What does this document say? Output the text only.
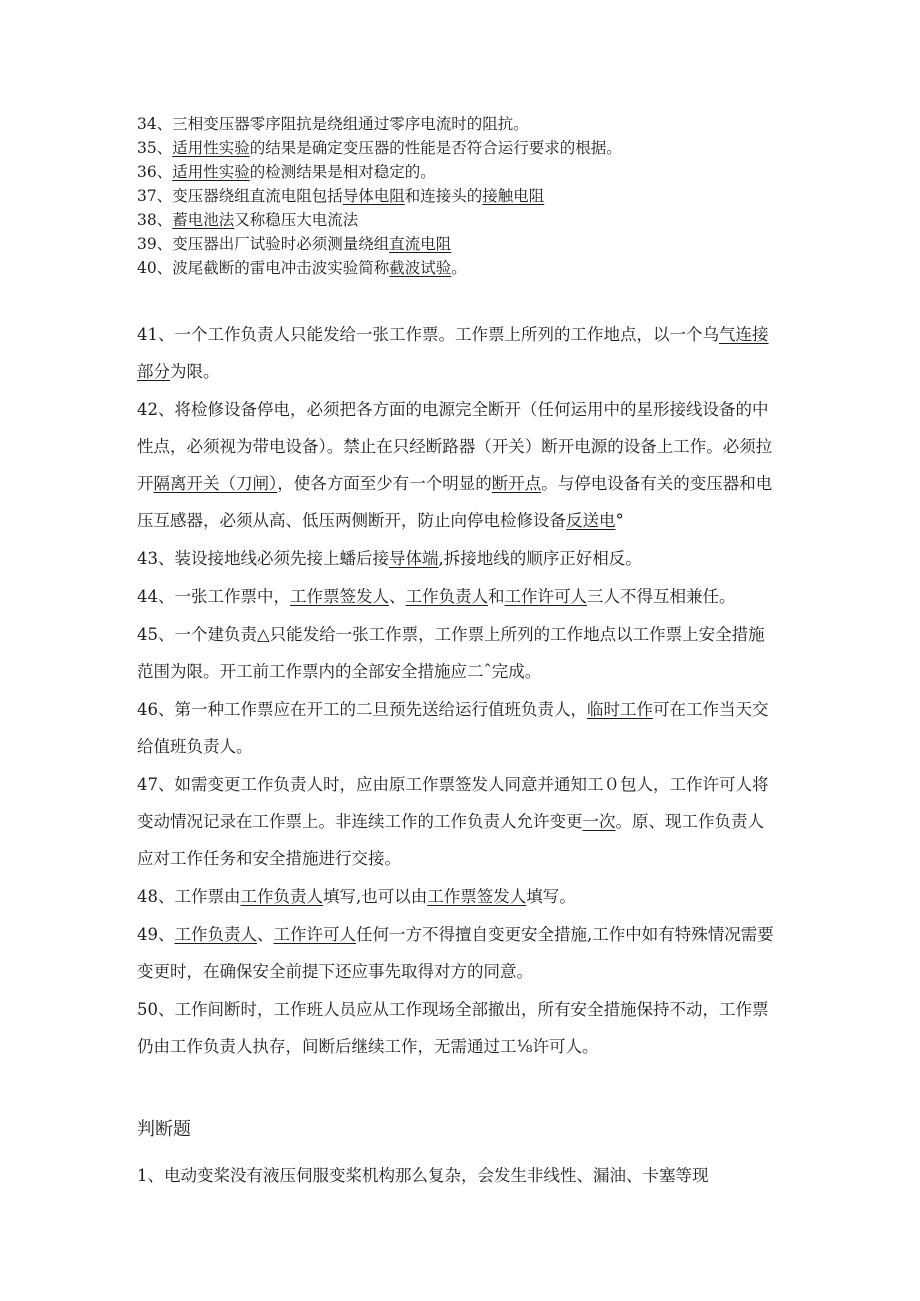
34、三相变压器零序阻抗是绕组通过零序电流时的阻抗。
35、适用性实验的结果是确定变压器的性能是否符合运行要求的根据。
36、适用性实验的检测结果是相对稳定的。
37、变压器绕组直流电阻包括导体电阻和连接头的接触电阻
38、蓄电池法又称稳压大电流法
39、变压器出厂试验时必须测量绕组直流电阻
40、波尾截断的雷电冲击波实验简称截波试验。
41、一个工作负责人只能发给一张工作票。工作票上所列的工作地点，以一个乌气连接部分为限。
42、将检修设备停电，必须把各方面的电源完全断开（任何运用中的星形接线设备的中性点，必须视为带电设备）。禁止在只经断路器（开关）断开电源的设备上工作。必须拉开隔离开关（刀闸），使各方面至少有一个明显的断开点。与停电设备有关的变压器和电压互感器，必须从高、低压两侧断开，防止向停电检修设备反送电°
43、装设接地线必须先接上蟠后接导体端,拆接地线的顺序正好相反。
44、一张工作票中，工作票签发人、工作负责人和工作许可人三人不得互相兼任。
45、一个建负责△只能发给一张工作票，工作票上所列的工作地点以工作票上安全措施范围为限。开工前工作票内的全部安全措施应二ˆ完成。
46、第一种工作票应在开工的二旦预先送给运行值班负责人，临时工作可在工作当天交给值班负责人。
47、如需变更工作负责人时，应由原工作票签发人同意并通知工０包人，工作许可人将变动情况记录在工作票上。非连续工作的工作负责人允许变更一次。原、现工作负责人应对工作任务和安全措施进行交接。
48、工作票由工作负责人填写,也可以由工作票签发人填写。
49、工作负责人、工作许可人任何一方不得擅自变更安全措施,工作中如有特殊情况需要变更时，在确保安全前提下还应事先取得对方的同意。
50、工作间断时，工作班人员应从工作现场全部撤出，所有安全措施保持不动，工作票仍由工作负责人执存，间断后继续工作，无需通过工⅛许可人。
判断题
1、电动变桨没有液压伺服变桨机构那么复杂，会发生非线性、漏油、卡塞等现
